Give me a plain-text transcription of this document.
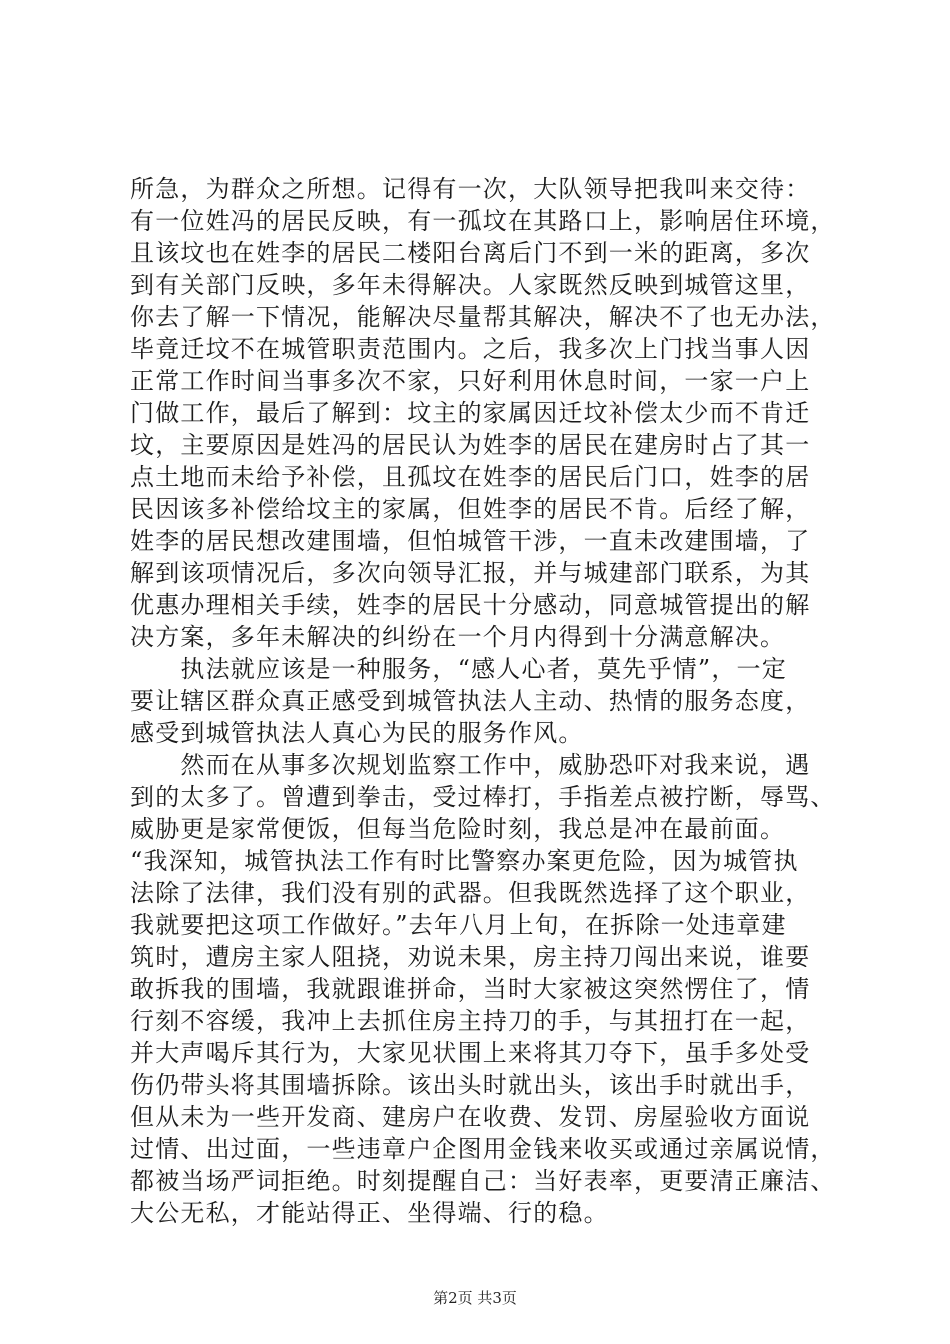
所急，为群众之所想。记得有一次，大队领导把我叫来交待：
有一位姓冯的居民反映，有一孤坟在其路口上，影响居住环境，
且该坟也在姓李的居民二楼阳台离后门不到一米的距离，多次
到有关部门反映，多年未得解决。人家既然反映到城管这里，
你去了解一下情况，能解决尽量帮其解决，解决不了也无办法，
毕竟迁坟不在城管职责范围内。之后，我多次上门找当事人因
正常工作时间当事多次不家，只好利用休息时间，一家一户上
门做工作，最后了解到：坟主的家属因迁坟补偿太少而不肯迁
坟，主要原因是姓冯的居民认为姓李的居民在建房时占了其一
点土地而未给予补偿，且孤坟在姓李的居民后门口，姓李的居
民因该多补偿给坟主的家属，但姓李的居民不肯。后经了解，
姓李的居民想改建围墙，但怕城管干涉，一直未改建围墙，了
解到该项情况后，多次向领导汇报，并与城建部门联系，为其
优惠办理相关手续，姓李的居民十分感动，同意城管提出的解
决方案，多年未解决的纠纷在一个月内得到十分满意解决。
　　执法就应该是一种服务，“感人心者，莫先乎情”，一定
要让辖区群众真正感受到城管执法人主动、热情的服务态度，
感受到城管执法人真心为民的服务作风。
　　然而在从事多次规划监察工作中，威胁恐吓对我来说，遇
到的太多了。曾遭到拳击，受过棒打，手指差点被拧断，辱骂、
威胁更是家常便饭，但每当危险时刻，我总是冲在最前面。
“我深知，城管执法工作有时比警察办案更危险，因为城管执
法除了法律，我们没有别的武器。但我既然选择了这个职业，
我就要把这项工作做好。”去年八月上旬，在拆除一处违章建
筑时，遭房主家人阻挠，劝说未果，房主持刀闯出来说，谁要
敢拆我的围墙，我就跟谁拼命，当时大家被这突然愣住了，情
行刻不容缓，我冲上去抓住房主持刀的手，与其扭打在一起，
并大声喝斥其行为，大家见状围上来将其刀夺下，虽手多处受
伤仍带头将其围墙拆除。该出头时就出头，该出手时就出手，
但从未为一些开发商、建房户在收费、发罚、房屋验收方面说
过情、出过面，一些违章户企图用金钱来收买或通过亲属说情，
都被当场严词拒绝。时刻提醒自己：当好表率，更要清正廉洁、
大公无私，才能站得正、坐得端、行的稳。
第2页 共3页
